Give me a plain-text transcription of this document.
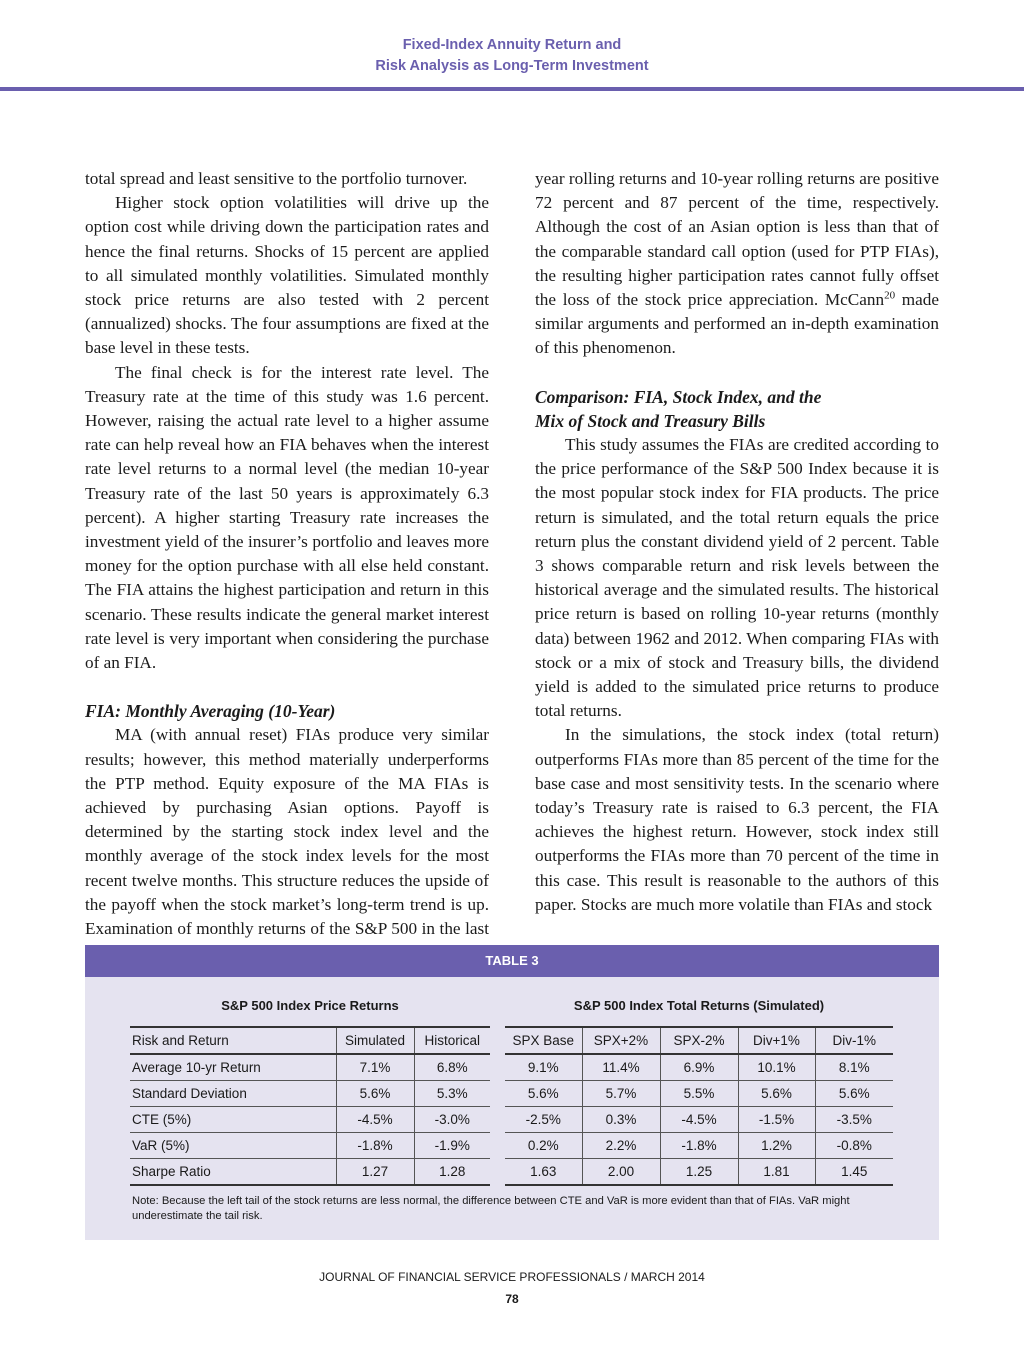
Fixed-Index Annuity Return and
Risk Analysis as Long-Term Investment

total spread and least sensitive to the portfolio turnover.

Higher stock option volatilities will drive up the option cost while driving down the participation rates and hence the final returns. Shocks of 15 percent are applied to all simulated monthly volatilities. Simulated monthly stock price returns are also tested with 2 percent (annualized) shocks. The four assumptions are fixed at the base level in these tests.

The final check is for the interest rate level. The Treasury rate at the time of this study was 1.6 percent. However, raising the actual rate level to a higher assume rate can help reveal how an FIA behaves when the interest rate level returns to a normal level (the median 10-year Treasury rate of the last 50 years is approximately 6.3 percent). A higher starting Treasury rate increases the investment yield of the insurer’s portfolio and leaves more money for the option purchase with all else held constant. The FIA attains the highest participation and return in this scenario. These results indicate the general market interest rate level is very important when considering the purchase of an FIA.

FIA: Monthly Averaging (10-Year)

MA (with annual reset) FIAs produce very similar results; however, this method materially underperforms the PTP method. Equity exposure of the MA FIAs is achieved by purchasing Asian options. Payoff is determined by the starting stock index level and the monthly average of the stock index levels for the most recent twelve months. This structure reduces the upside of the payoff when the stock market’s long-term trend is up. Examination of monthly returns of the S&P 500 in the last

year rolling returns and 10-year rolling returns are positive 72 percent and 87 percent of the time, respectively. Although the cost of an Asian option is less than that of the comparable standard call option (used for PTP FIAs), the resulting higher participation rates cannot fully offset the loss of the stock price appreciation. McCann$^{20}$ made similar arguments and performed an in-depth examination of this phenomenon.

Comparison: FIA, Stock Index, and the
Mix of Stock and Treasury Bills

This study assumes the FIAs are credited according to the price performance of the S&P 500 Index because it is the most popular stock index for FIA products. The price return is simulated, and the total return equals the price return plus the constant dividend yield of 2 percent. Table 3 shows comparable return and risk levels between the historical average and the simulated results. The historical price return is based on rolling 10-year returns (monthly data) between 1962 and 2012. When comparing FIAs with stock or a mix of stock and Treasury bills, the dividend yield is added to the simulated price returns to produce total returns.

In the simulations, the stock index (total return) outperforms FIAs more than 85 percent of the time for the base case and most sensitivity tests. In the scenario where today’s Treasury rate is raised to 6.3 percent, the FIA achieves the highest return. However, stock index still outperforms the FIAs more than 70 percent of the time in this case. This result is reasonable to the authors of this paper. Stocks are much more volatile than FIAs and stock

TABLE 3
S&P 500 Index Price Returns	S&P 500 Index Total Returns (Simulated)
Risk and Return	Simulated	Historical
Average 10-yr Return	7.1%	6.8%
Standard Deviation	5.6%	5.3%
CTE (5%)	-4.5%	-3.0%
VaR (5%)	-1.8%	-1.9%
Sharpe Ratio	1.27	1.28
SPX Base	SPX+2%	SPX-2%	Div+1%	Div-1%
9.1%	11.4%	6.9%	10.1%	8.1%
5.6%	5.7%	5.5%	5.6%	5.6%
-2.5%	0.3%	-4.5%	-1.5%	-3.5%
0.2%	2.2%	-1.8%	1.2%	-0.8%
1.63	2.00	1.25	1.81	1.45
Note: Because the left tail of the stock returns are less normal, the difference between CTE and VaR is more evident than that of FIAs. VaR might underestimate the tail risk.
JOURNAL OF FINANCIAL SERVICE PROFESSIONALS / MARCH 2014
78
